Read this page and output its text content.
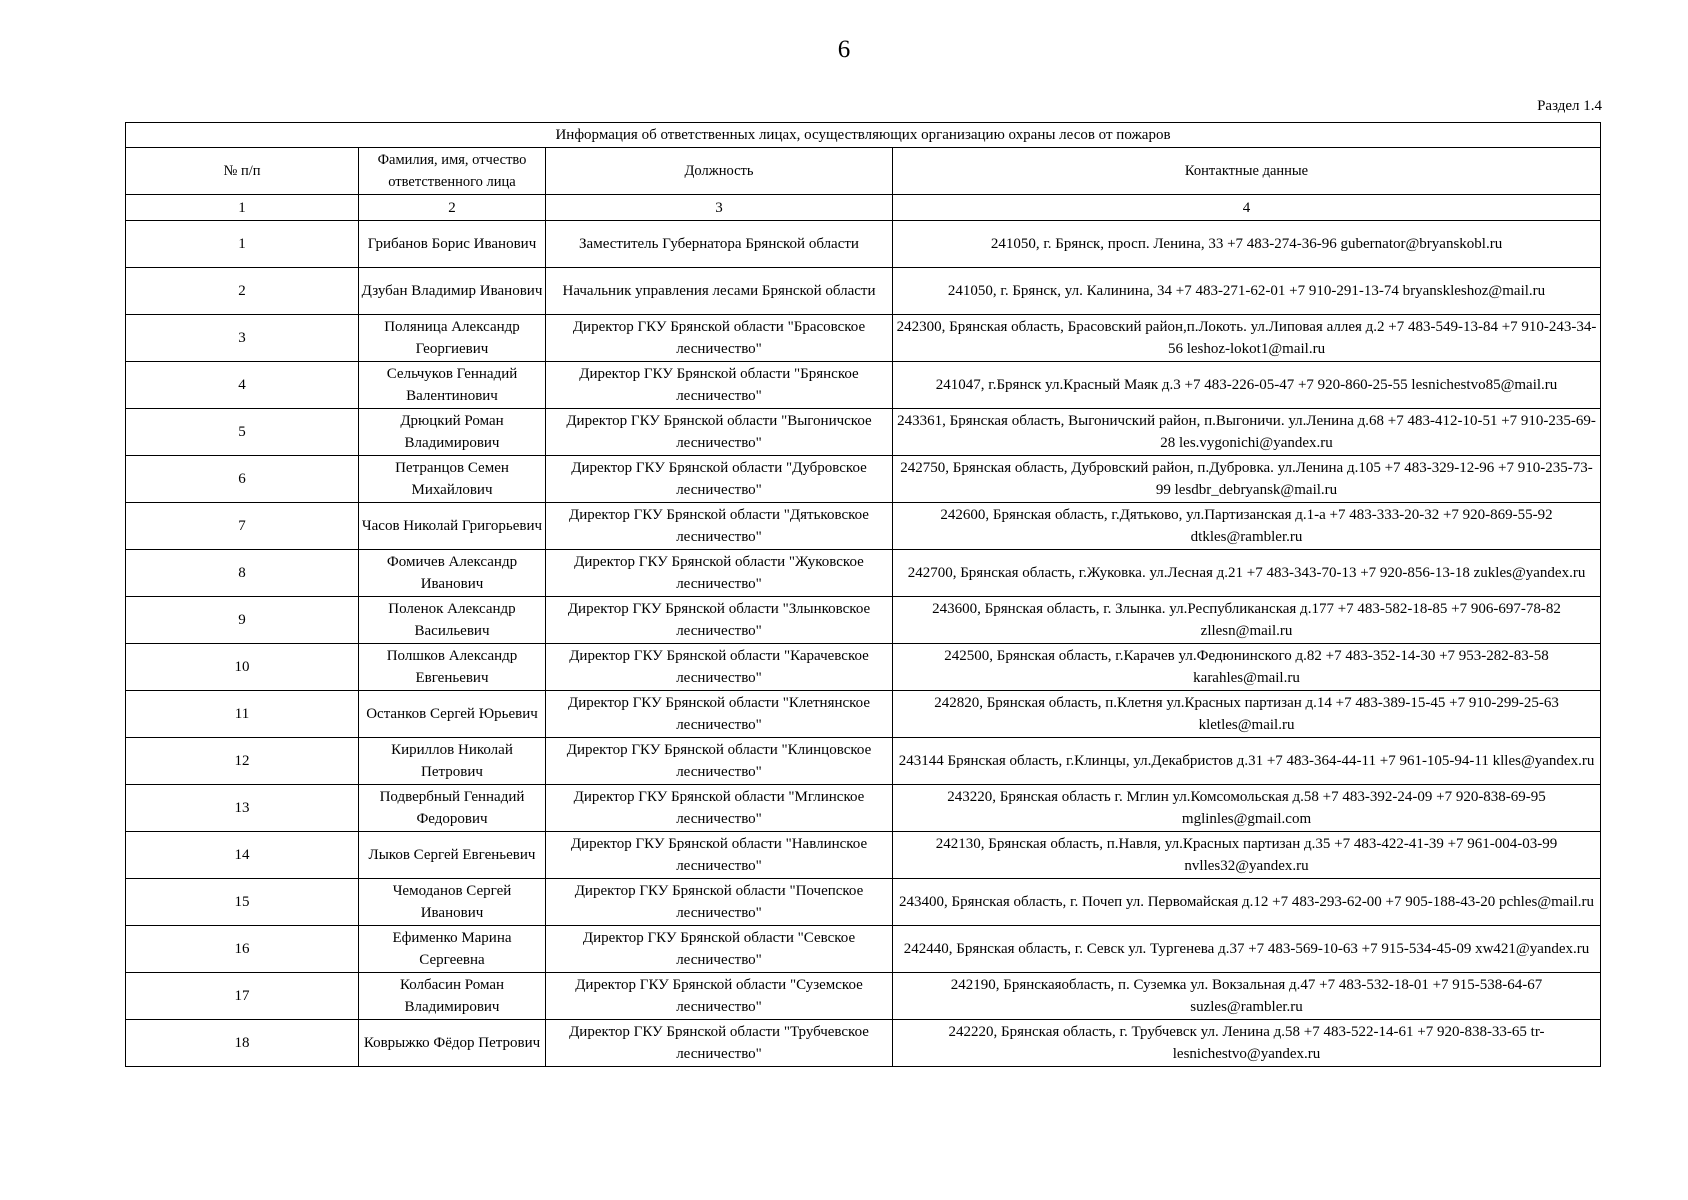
6
Раздел 1.4
Информация об ответственных лицах, осуществляющих организацию охраны лесов от пожаров			
№ п/п	Фамилия, имя, отчество ответственного лица	Должность	Контактные данные
1	2	3	4
1	Грибанов Борис Иванович	Заместитель Губернатора Брянской области	241050, г. Брянск, просп. Ленина, 33 +7 483-274-36-96 gubernator@bryanskobl.ru
2	Дзубан Владимир Иванович	Начальник управления лесами Брянской области	241050, г. Брянск, ул. Калинина, 34 +7 483-271-62-01 +7 910-291-13-74 bryanskleshoz@mail.ru
3	Поляница Александр Георгиевич	Директор ГКУ Брянской области "Брасовское лесничество"	242300, Брянская область, Брасовский район,п.Локоть. ул.Липовая аллея д.2 +7 483-549-13-84 +7 910-243-34-56 leshoz-lokot1@mail.ru
4	Сельчуков Геннадий Валентинович	Директор ГКУ Брянской области "Брянское лесничество"	241047, г.Брянск ул.Красный Маяк д.3 +7 483-226-05-47 +7 920-860-25-55 lesnichestvo85@mail.ru
5	Дрюцкий Роман Владимирович	Директор ГКУ Брянской области "Выгоничское лесничество"	243361, Брянская область, Выгоничский район, п.Выгоничи. ул.Ленина д.68 +7 483-412-10-51 +7 910-235-69-28 les.vygonichi@yandex.ru
6	Петранцов Семен Михайлович	Директор ГКУ Брянской области "Дубровское лесничество"	242750, Брянская область, Дубровский район, п.Дубровка. ул.Ленина д.105 +7 483-329-12-96 +7 910-235-73-99 lesdbr_debryansk@mail.ru
7	Часов Николай Григорьевич	Директор ГКУ Брянской области "Дятьковское лесничество"	242600, Брянская область, г.Дятьково, ул.Партизанская д.1-а +7 483-333-20-32 +7 920-869-55-92 dtkles@rambler.ru
8	Фомичев Александр Иванович	Директор ГКУ Брянской области "Жуковское лесничество"	242700, Брянская область, г.Жуковка. ул.Лесная д.21 +7 483-343-70-13 +7 920-856-13-18 zukles@yandex.ru
9	Поленок Александр Васильевич	Директор ГКУ Брянской области "Злынковское лесничество"	243600, Брянская область, г. Злынка. ул.Республиканская д.177 +7 483-582-18-85 +7 906-697-78-82 zllesn@mail.ru
10	Полшков Александр Евгеньевич	Директор ГКУ Брянской области "Карачевское лесничество"	242500, Брянская область, г.Карачев ул.Федюнинского д.82 +7 483-352-14-30 +7 953-282-83-58 karahles@mail.ru
11	Останков Сергей Юрьевич	Директор ГКУ Брянской области "Клетнянское лесничество"	242820, Брянская область, п.Клетня ул.Красных партизан д.14 +7 483-389-15-45 +7 910-299-25-63 kletles@mail.ru
12	Кириллов Николай Петрович	Директор ГКУ Брянской области "Клинцовское лесничество"	243144 Брянская область, г.Клинцы, ул.Декабристов д.31 +7 483-364-44-11 +7 961-105-94-11 klles@yandex.ru
13	Подвербный Геннадий Федорович	Директор ГКУ Брянской области "Мглинское лесничество"	243220, Брянская область г. Мглин ул.Комсомольская д.58 +7 483-392-24-09 +7 920-838-69-95 mglinles@gmail.com
14	Лыков Сергей Евгеньевич	Директор ГКУ Брянской области "Навлинское лесничество"	242130, Брянская область, п.Навля, ул.Красных партизан д.35 +7 483-422-41-39 +7 961-004-03-99 nvlles32@yandex.ru
15	Чемоданов Сергей Иванович	Директор ГКУ Брянской области "Почепское лесничество"	243400, Брянская область, г. Почеп ул. Первомайская д.12 +7 483-293-62-00 +7 905-188-43-20 pchles@mail.ru
16	Ефименко Марина Сергеевна	Директор ГКУ Брянской области "Севское лесничество"	242440, Брянская область, г. Севск ул. Тургенева д.37 +7 483-569-10-63 +7 915-534-45-09 xw421@yandex.ru
17	Колбасин Роман Владимирович	Директор ГКУ Брянской области "Суземское лесничество"	242190, Брянскаяобласть, п. Суземка ул. Вокзальная д.47 +7 483-532-18-01 +7 915-538-64-67 suzles@rambler.ru
18	Коврыжко Фёдор Петрович	Директор ГКУ Брянской области "Трубчевское лесничество"	242220, Брянская область, г. Трубчевск ул. Ленина д.58 +7 483-522-14-61 +7 920-838-33-65 tr-lesnichestvo@yandex.ru
